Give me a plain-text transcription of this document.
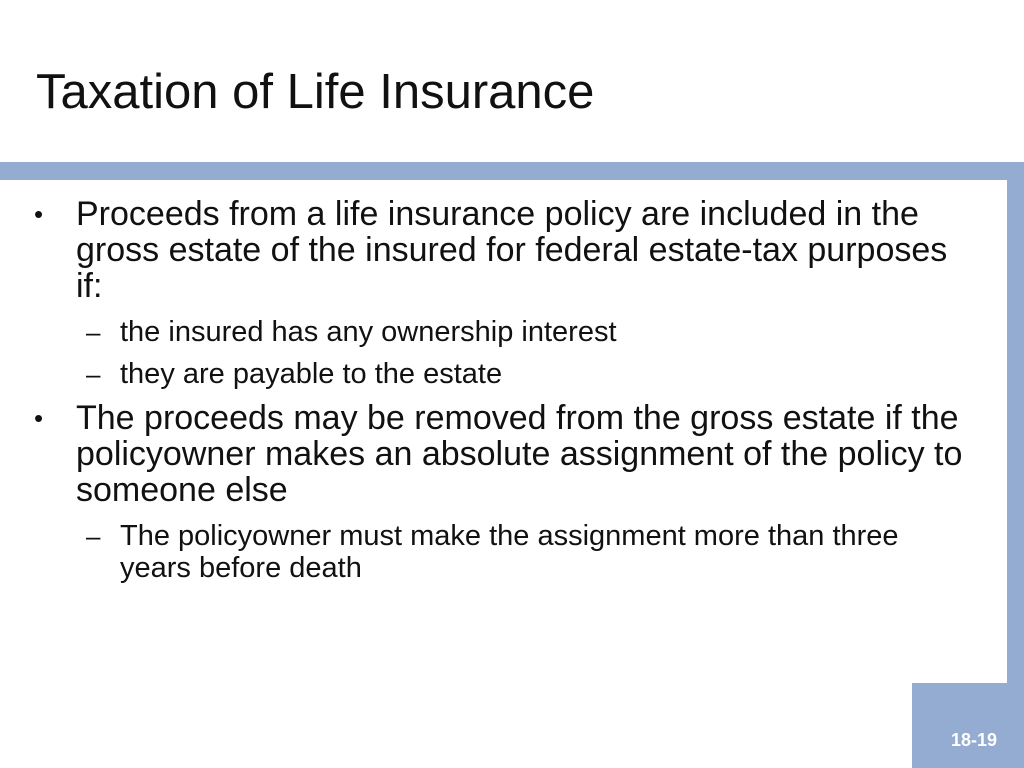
Taxation of Life Insurance
• Proceeds from a life insurance policy are included in the gross estate of the insured for federal estate-tax purposes if:
– the insured has any ownership interest
– they are payable to the estate
• The proceeds may be removed from the gross estate if the policyowner makes an absolute assignment of the policy to someone else
– The policyowner must make the assignment more than three years before death
18-19
